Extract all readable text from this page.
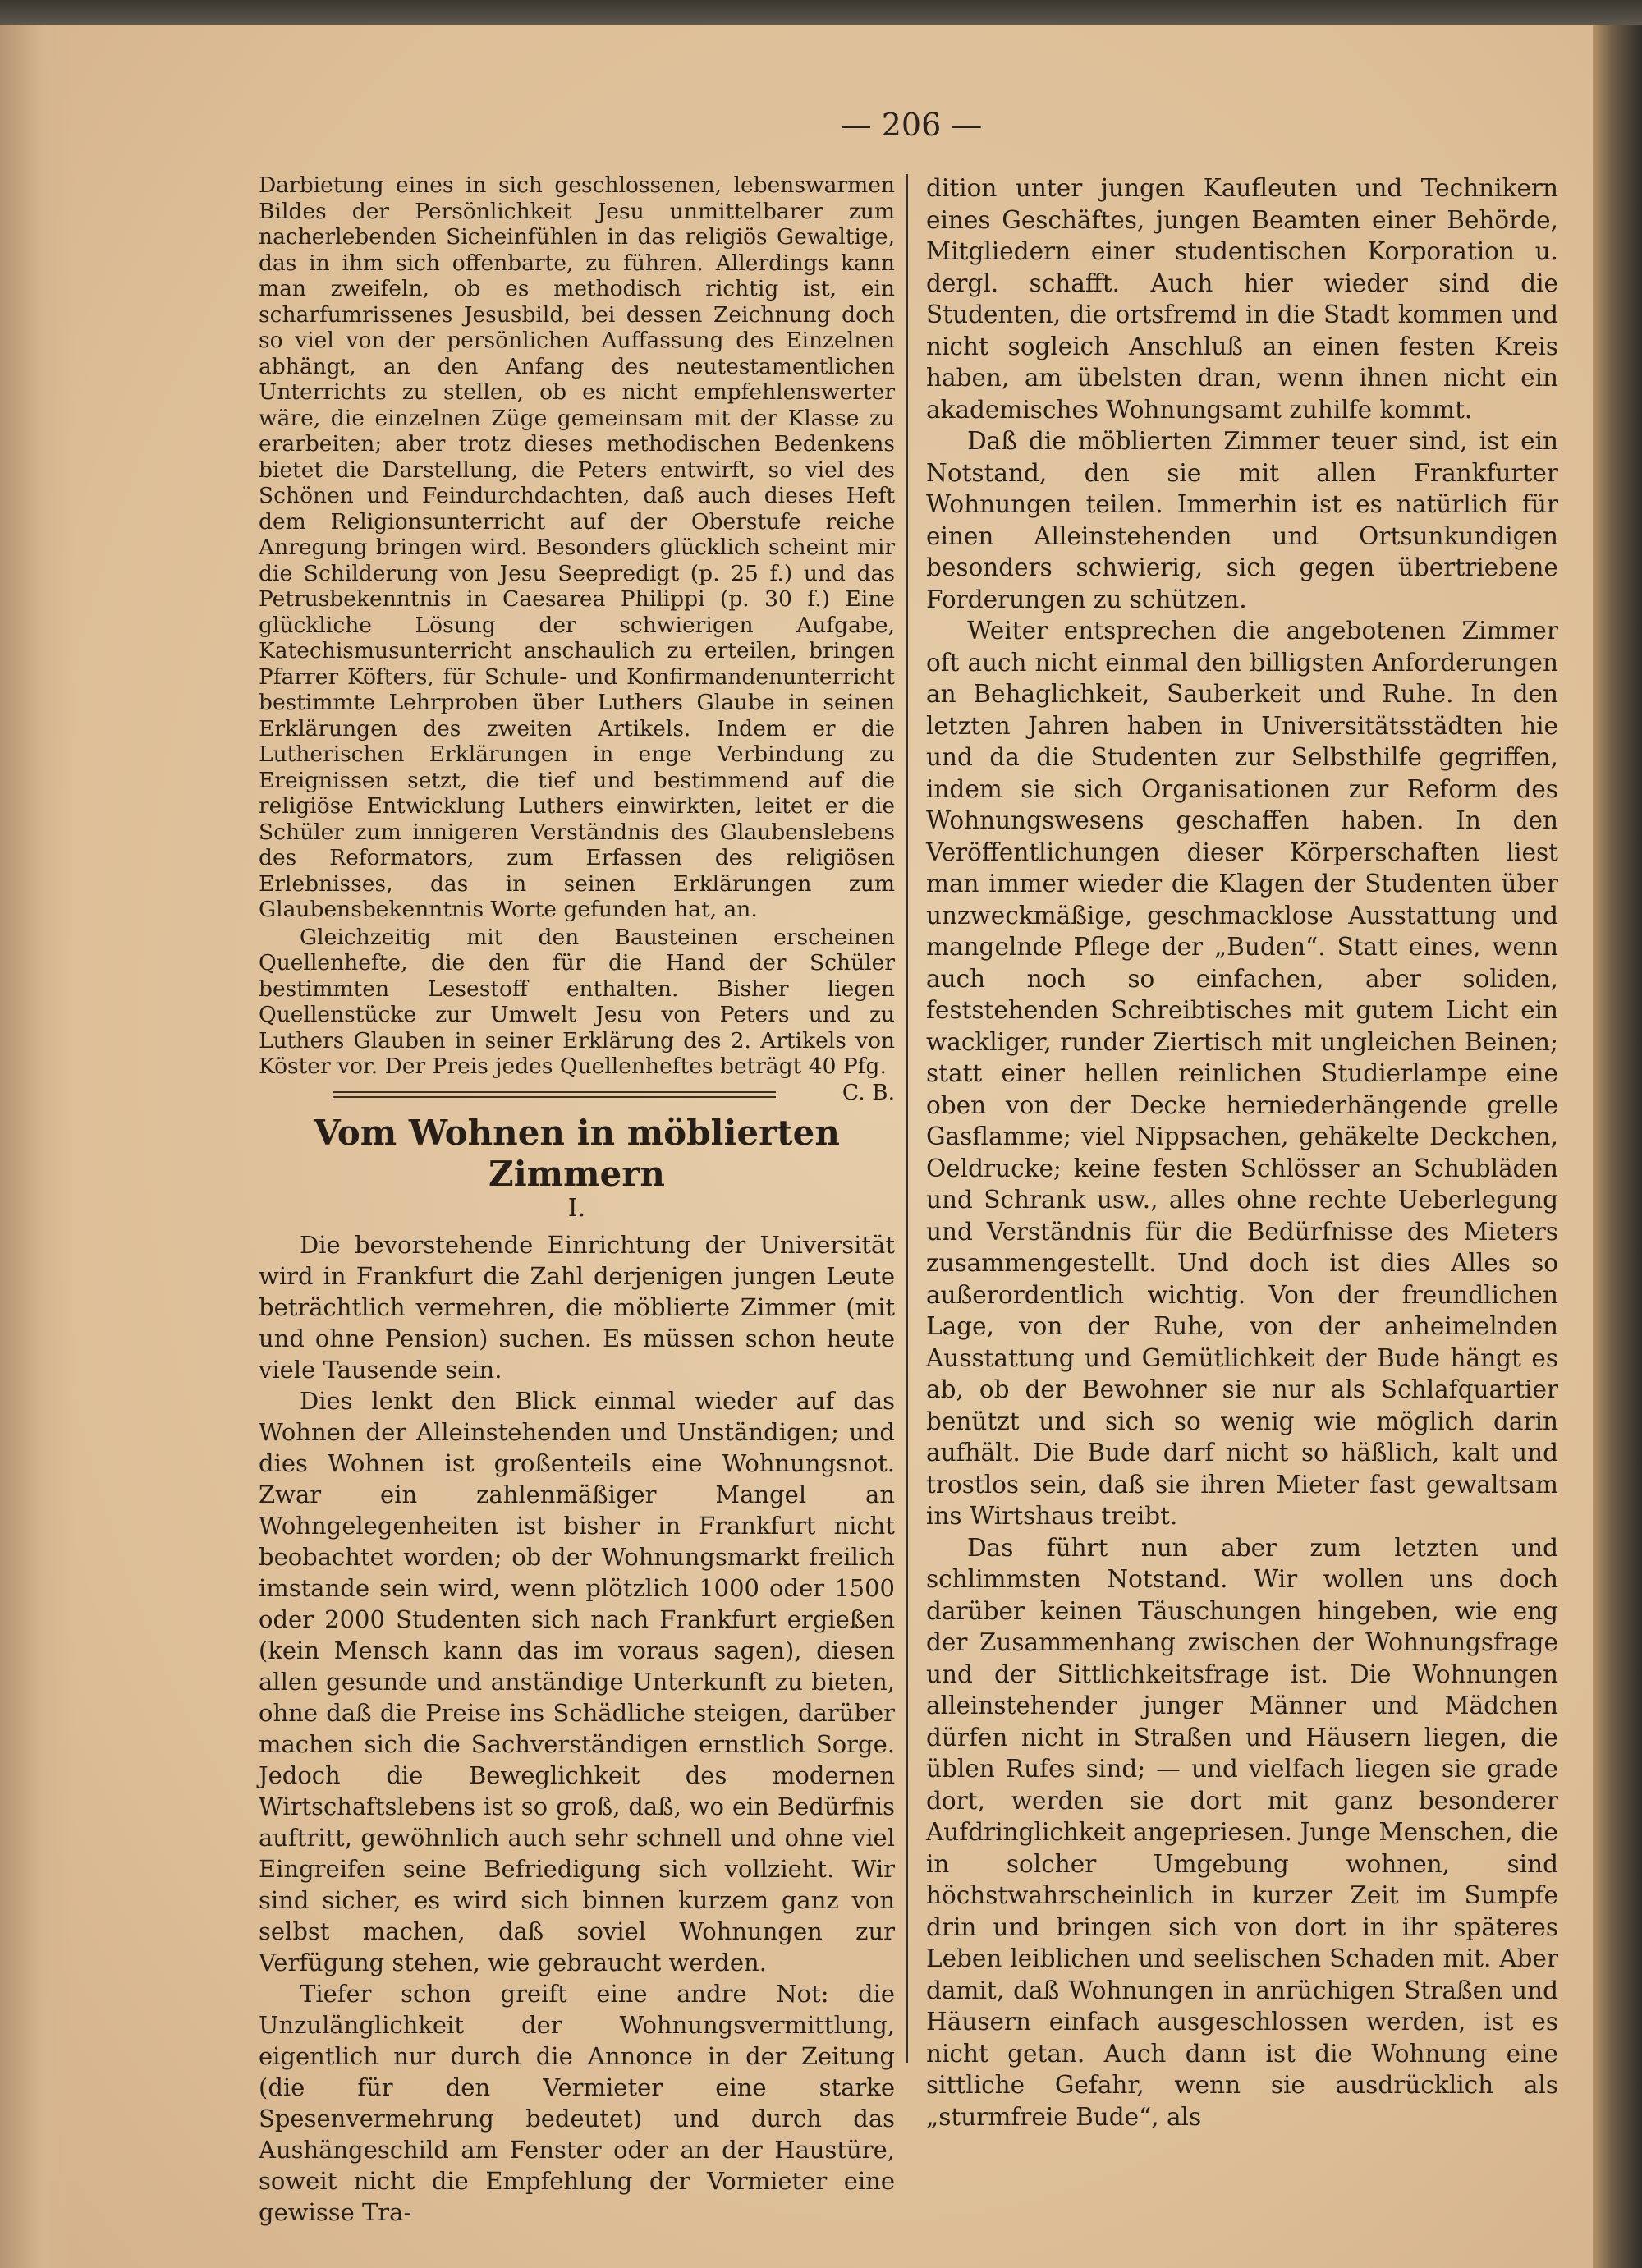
— 206 —

Darbietung eines in sich geschlossenen, lebenswarmen Bildes der Persönlichkeit Jesu unmittelbarer zum nacherlebenden Sicheinfühlen in das religiös Gewaltige, das in ihm sich offenbarte, zu führen. Allerdings kann man zweifeln, ob es methodisch richtig ist, ein scharfumrissenes Jesusbild, bei dessen Zeichnung doch so viel von der persönlichen Auffassung des Einzelnen abhängt, an den Anfang des neutestamentlichen Unterrichts zu stellen, ob es nicht empfehlenswerter wäre, die einzelnen Züge gemeinsam mit der Klasse zu erarbeiten; aber trotz dieses methodischen Bedenkens bietet die Darstellung, die Peters entwirft, so viel des Schönen und Feindurchdachten, daß auch dieses Heft dem Religionsunterricht auf der Oberstufe reiche Anregung bringen wird. Besonders glücklich scheint mir die Schilderung von Jesu Seepredigt (p. 25 f.) und das Petrusbekenntnis in Caesarea Philippi (p. 30 f.) Eine glückliche Lösung der schwierigen Aufgabe, Katechismusunterricht anschaulich zu erteilen, bringen Pfarrer Köfters, für Schule- und Konfirmandenunterricht bestimmte Lehrproben über Luthers Glaube in seinen Erklärungen des zweiten Artikels. Indem er die Lutherischen Erklärungen in enge Verbindung zu Ereignissen setzt, die tief und bestimmend auf die religiöse Entwicklung Luthers einwirkten, leitet er die Schüler zum innigeren Verständnis des Glaubenslebens des Reformators, zum Erfassen des religiösen Erlebnisses, das in seinen Erklärungen zum Glaubensbekenntnis Worte gefunden hat, an.

Gleichzeitig mit den Bausteinen erscheinen Quellenhefte, die den für die Hand der Schüler bestimmten Lesestoff enthalten. Bisher liegen Quellenstücke zur Umwelt Jesu von Peters und zu Luthers Glauben in seiner Erklärung des 2. Artikels von Köster vor. Der Preis jedes Quellenheftes beträgt 40 Pfg.
C. B.

Vom Wohnen in möblierten Zimmern
I.

Die bevorstehende Einrichtung der Universität wird in Frankfurt die Zahl derjenigen jungen Leute beträchtlich vermehren, die möblierte Zimmer (mit und ohne Pension) suchen. Es müssen schon heute viele Tausende sein.

Dies lenkt den Blick einmal wieder auf das Wohnen der Alleinstehenden und Unständigen; und dies Wohnen ist großenteils eine Wohnungsnot. Zwar ein zahlenmäßiger Mangel an Wohngelegenheiten ist bisher in Frankfurt nicht beobachtet worden; ob der Wohnungsmarkt freilich imstande sein wird, wenn plötzlich 1000 oder 1500 oder 2000 Studenten sich nach Frankfurt ergießen (kein Mensch kann das im voraus sagen), diesen allen gesunde und anständige Unterkunft zu bieten, ohne daß die Preise ins Schädliche steigen, darüber machen sich die Sachverständigen ernstlich Sorge. Jedoch die Beweglichkeit des modernen Wirtschaftslebens ist so groß, daß, wo ein Bedürfnis auftritt, gewöhnlich auch sehr schnell und ohne viel Eingreifen seine Befriedigung sich vollzieht. Wir sind sicher, es wird sich binnen kurzem ganz von selbst machen, daß soviel Wohnungen zur Verfügung stehen, wie gebraucht werden.

Tiefer schon greift eine andre Not: die Unzulänglichkeit der Wohnungsvermittlung, eigentlich nur durch die Annonce in der Zeitung (die für den Vermieter eine starke Spesenvermehrung bedeutet) und durch das Aushängeschild am Fenster oder an der Haustüre, soweit nicht die Empfehlung der Vormieter eine gewisse Tra-

dition unter jungen Kaufleuten und Technikern eines Geschäftes, jungen Beamten einer Behörde, Mitgliedern einer studentischen Korporation u. dergl. schafft. Auch hier wieder sind die Studenten, die ortsfremd in die Stadt kommen und nicht sogleich Anschluß an einen festen Kreis haben, am übelsten dran, wenn ihnen nicht ein akademisches Wohnungsamt zuhilfe kommt.

Daß die möblierten Zimmer teuer sind, ist ein Notstand, den sie mit allen Frankfurter Wohnungen teilen. Immerhin ist es natürlich für einen Alleinstehenden und Ortsunkundigen besonders schwierig, sich gegen übertriebene Forderungen zu schützen.

Weiter entsprechen die angebotenen Zimmer oft auch nicht einmal den billigsten Anforderungen an Behaglichkeit, Sauberkeit und Ruhe. In den letzten Jahren haben in Universitätsstädten hie und da die Studenten zur Selbsthilfe gegriffen, indem sie sich Organisationen zur Reform des Wohnungswesens geschaffen haben. In den Veröffentlichungen dieser Körperschaften liest man immer wieder die Klagen der Studenten über unzweckmäßige, geschmacklose Ausstattung und mangelnde Pflege der „Buden“. Statt eines, wenn auch noch so einfachen, aber soliden, feststehenden Schreibtisches mit gutem Licht ein wackliger, runder Ziertisch mit ungleichen Beinen; statt einer hellen reinlichen Studierlampe eine oben von der Decke herniederhängende grelle Gasflamme; viel Nippsachen, gehäkelte Deckchen, Oeldrucke; keine festen Schlösser an Schubläden und Schrank usw., alles ohne rechte Ueberlegung und Verständnis für die Bedürfnisse des Mieters zusammengestellt. Und doch ist dies Alles so außerordentlich wichtig. Von der freundlichen Lage, von der Ruhe, von der anheimelnden Ausstattung und Gemütlichkeit der Bude hängt es ab, ob der Bewohner sie nur als Schlafquartier benützt und sich so wenig wie möglich darin aufhält. Die Bude darf nicht so häßlich, kalt und trostlos sein, daß sie ihren Mieter fast gewaltsam ins Wirtshaus treibt.

Das führt nun aber zum letzten und schlimmsten Notstand. Wir wollen uns doch darüber keinen Täuschungen hingeben, wie eng der Zusammenhang zwischen der Wohnungsfrage und der Sittlichkeitsfrage ist. Die Wohnungen alleinstehender junger Männer und Mädchen dürfen nicht in Straßen und Häusern liegen, die üblen Rufes sind; — und vielfach liegen sie grade dort, werden sie dort mit ganz besonderer Aufdringlichkeit angepriesen. Junge Menschen, die in solcher Umgebung wohnen, sind höchstwahrscheinlich in kurzer Zeit im Sumpfe drin und bringen sich von dort in ihr späteres Leben leiblichen und seelischen Schaden mit. Aber damit, daß Wohnungen in anrüchigen Straßen und Häusern einfach ausgeschlossen werden, ist es nicht getan. Auch dann ist die Wohnung eine sittliche Gefahr, wenn sie ausdrücklich als „sturmfreie Bude“, als
